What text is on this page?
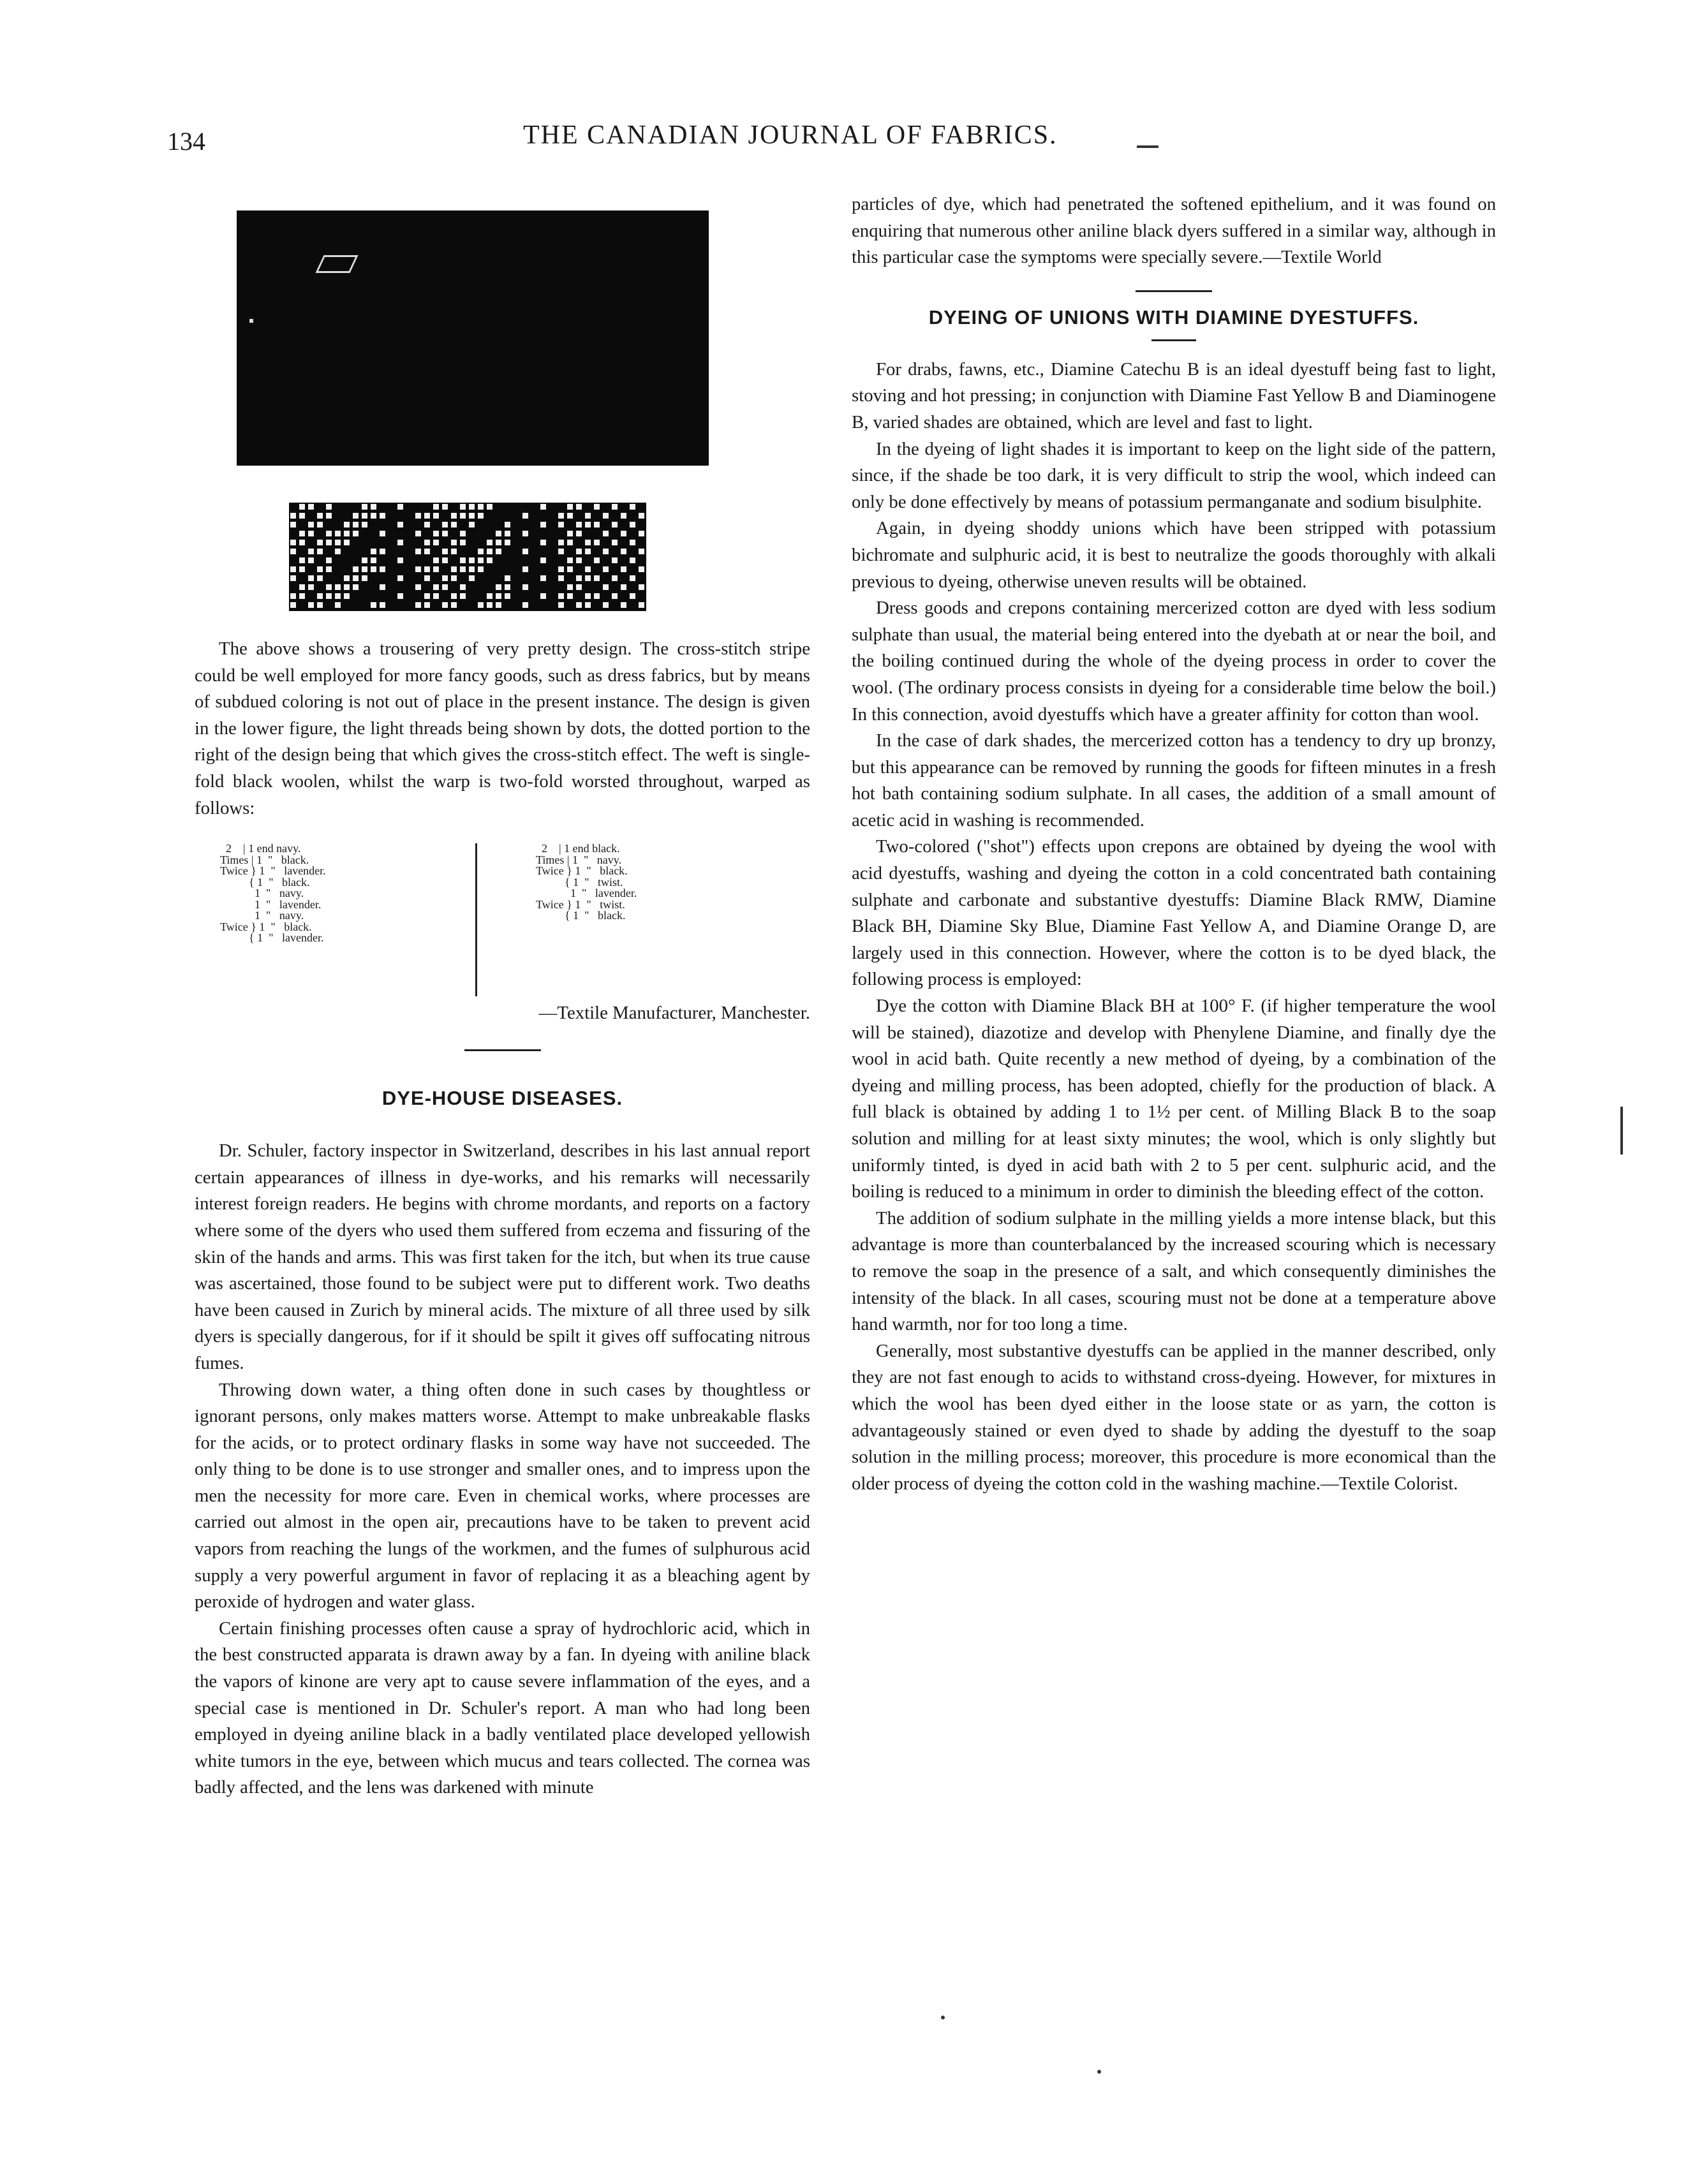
134	THE CANADIAN JOURNAL OF FABRICS.

The above shows a trousering of very pretty design. The cross-stitch stripe could be well employed for more fancy goods, such as dress fabrics, but by means of subdued coloring is not out of place in the present instance. The design is given in the lower figure, the light threads being shown by dots, the dotted portion to the right of the design being that which gives the cross-stitch effect. The weft is single-fold black woolen, whilst the warp is two-fold worsted throughout, warped as follows:

2    | 1 end navy.
Times | 1  "   black.
Twice } 1  "   lavender.
{ 1  "   black.
1  "   navy.
1  "   lavender.
1  "   navy.
Twice } 1  "   black.
{ 1  "   lavender.
2    | 1 end black.
Times | 1  "   navy.
Twice } 1  "   black.
{ 1  "   twist.
1  "   lavender.
Twice } 1  "   twist.
{ 1  "   black.
—Textile Manufacturer, Manchester.
DYE-HOUSE DISEASES.

Dr. Schuler, factory inspector in Switzerland, describes in his last annual report certain appearances of illness in dye-works, and his remarks will necessarily interest foreign readers. He begins with chrome mordants, and reports on a factory where some of the dyers who used them suffered from eczema and fissuring of the skin of the hands and arms. This was first taken for the itch, but when its true cause was ascertained, those found to be subject were put to different work. Two deaths have been caused in Zurich by mineral acids. The mixture of all three used by silk dyers is specially dangerous, for if it should be spilt it gives off suffocating nitrous fumes.

Throwing down water, a thing often done in such cases by thoughtless or ignorant persons, only makes matters worse. Attempt to make unbreakable flasks for the acids, or to protect ordinary flasks in some way have not succeeded. The only thing to be done is to use stronger and smaller ones, and to impress upon the men the necessity for more care. Even in chemical works, where processes are carried out almost in the open air, precautions have to be taken to prevent acid vapors from reaching the lungs of the workmen, and the fumes of sulphurous acid supply a very powerful argument in favor of replacing it as a bleaching agent by peroxide of hydrogen and water glass.

Certain finishing processes often cause a spray of hydrochloric acid, which in the best constructed apparata is drawn away by a fan. In dyeing with aniline black the vapors of kinone are very apt to cause severe inflammation of the eyes, and a special case is mentioned in Dr. Schuler's report. A man who had long been employed in dyeing aniline black in a badly ventilated place developed yellowish white tumors in the eye, between which mucus and tears collected. The cornea was badly affected, and the lens was darkened with minute

particles of dye, which had penetrated the softened epithelium, and it was found on enquiring that numerous other aniline black dyers suffered in a similar way, although in this particular case the symptoms were specially severe.—Textile World

DYEING OF UNIONS WITH DIAMINE DYESTUFFS.

For drabs, fawns, etc., Diamine Catechu B is an ideal dyestuff being fast to light, stoving and hot pressing; in conjunction with Diamine Fast Yellow B and Diaminogene B, varied shades are obtained, which are level and fast to light.

In the dyeing of light shades it is important to keep on the light side of the pattern, since, if the shade be too dark, it is very difficult to strip the wool, which indeed can only be done effectively by means of potassium permanganate and sodium bisulphite.

Again, in dyeing shoddy unions which have been stripped with potassium bichromate and sulphuric acid, it is best to neutralize the goods thoroughly with alkali previous to dyeing, otherwise uneven results will be obtained.

Dress goods and crepons containing mercerized cotton are dyed with less sodium sulphate than usual, the material being entered into the dyebath at or near the boil, and the boiling continued during the whole of the dyeing process in order to cover the wool. (The ordinary process consists in dyeing for a considerable time below the boil.) In this connection, avoid dyestuffs which have a greater affinity for cotton than wool.

In the case of dark shades, the mercerized cotton has a tendency to dry up bronzy, but this appearance can be removed by running the goods for fifteen minutes in a fresh hot bath containing sodium sulphate. In all cases, the addition of a small amount of acetic acid in washing is recommended.

Two-colored ("shot") effects upon crepons are obtained by dyeing the wool with acid dyestuffs, washing and dyeing the cotton in a cold concentrated bath containing sulphate and carbonate and substantive dyestuffs: Diamine Black RMW, Diamine Black BH, Diamine Sky Blue, Diamine Fast Yellow A, and Diamine Orange D, are largely used in this connection. However, where the cotton is to be dyed black, the following process is employed:

Dye the cotton with Diamine Black BH at 100° F. (if higher temperature the wool will be stained), diazotize and develop with Phenylene Diamine, and finally dye the wool in acid bath. Quite recently a new method of dyeing, by a combination of the dyeing and milling process, has been adopted, chiefly for the production of black. A full black is obtained by adding 1 to 1½ per cent. of Milling Black B to the soap solution and milling for at least sixty minutes; the wool, which is only slightly but uniformly tinted, is dyed in acid bath with 2 to 5 per cent. sulphuric acid, and the boiling is reduced to a minimum in order to diminish the bleeding effect of the cotton.

The addition of sodium sulphate in the milling yields a more intense black, but this advantage is more than counterbalanced by the increased scouring which is necessary to remove the soap in the presence of a salt, and which consequently diminishes the intensity of the black. In all cases, scouring must not be done at a temperature above hand warmth, nor for too long a time.

Generally, most substantive dyestuffs can be applied in the manner described, only they are not fast enough to acids to withstand cross-dyeing. However, for mixtures in which the wool has been dyed either in the loose state or as yarn, the cotton is advantageously stained or even dyed to shade by adding the dyestuff to the soap solution in the milling process; moreover, this procedure is more economical than the older process of dyeing the cotton cold in the washing machine.—Textile Colorist.
